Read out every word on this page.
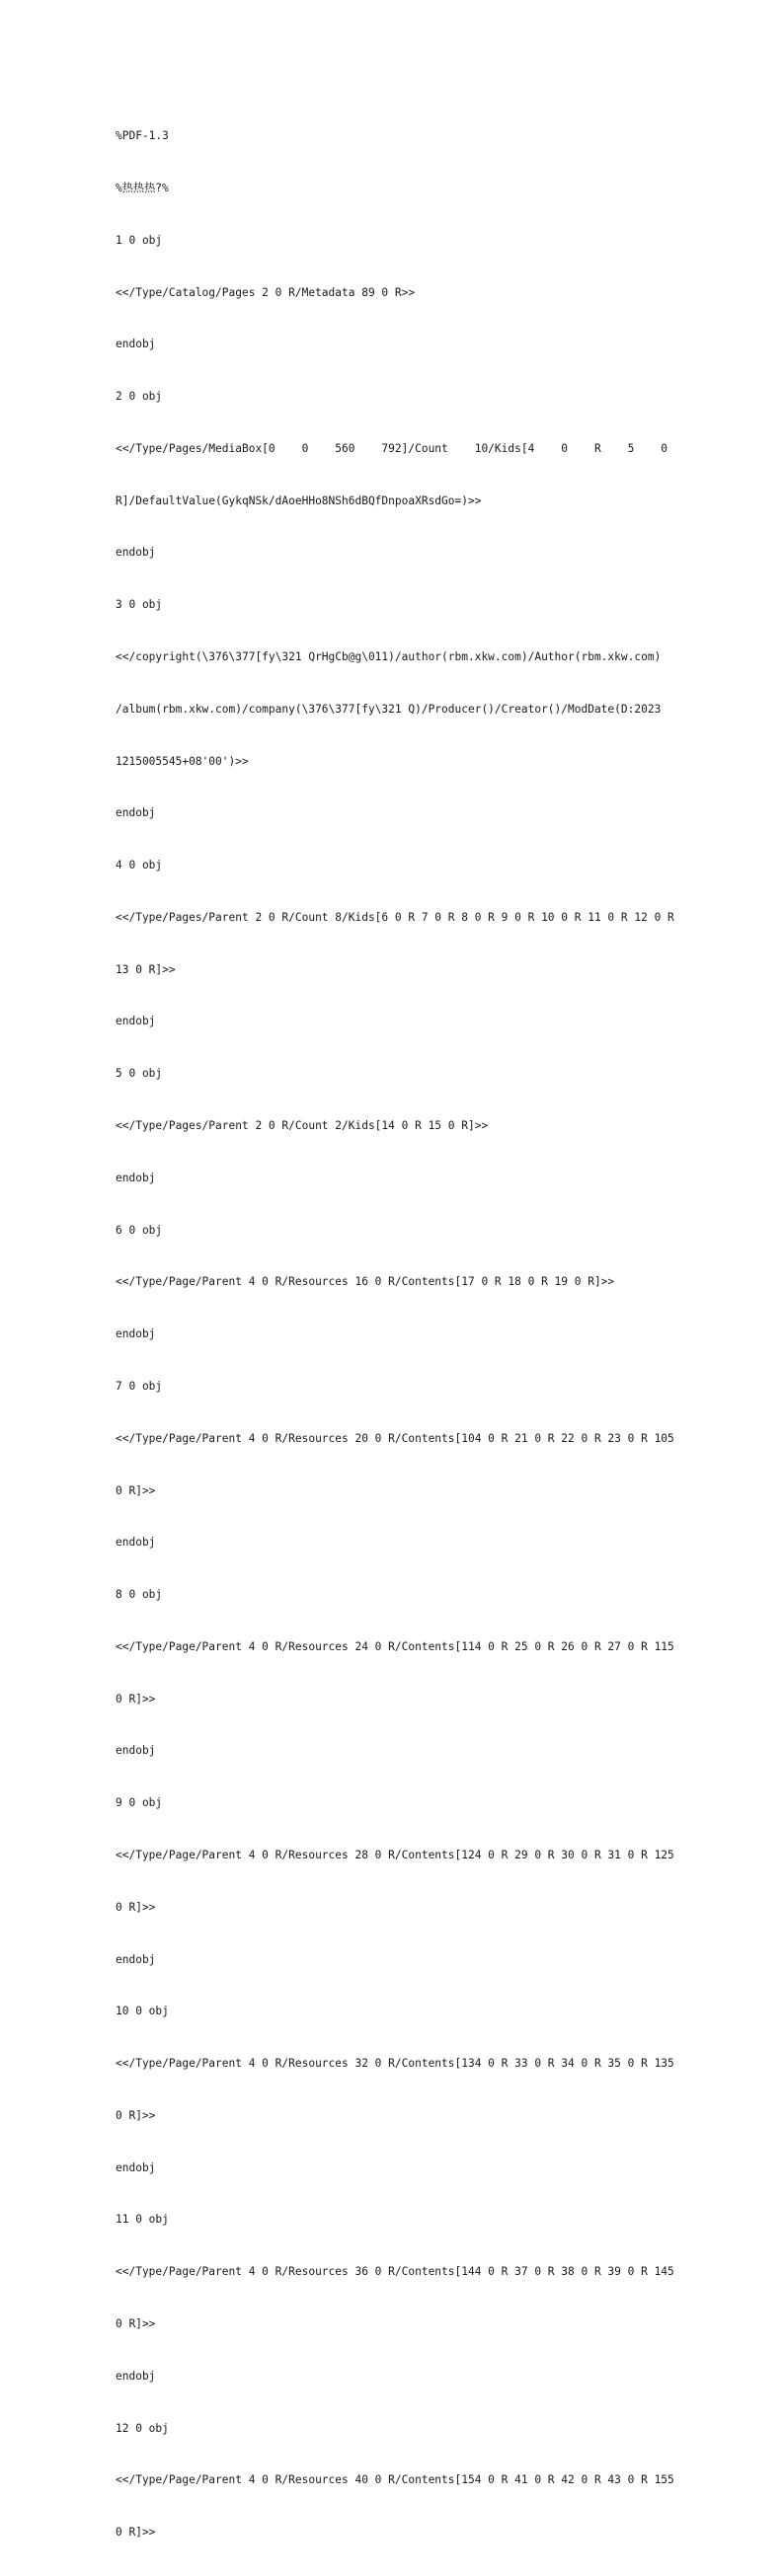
%PDF-1.3

%热热热?%

1 0 obj

<</Type/Catalog/Pages 2 0 R/Metadata 89 0 R>>

endobj

2 0 obj

<</Type/Pages/MediaBox[0    0    560    792]/Count    10/Kids[4    0    R    5    0

R]/DefaultValue(GykqNSk/dAoeHHo8NSh6dBQfDnpoaXRsdGo=)>>

endobj

3 0 obj

<</copyright(\376\377[fy\321 QrHgCb@g\011)/author(rbm.xkw.com)/Author(rbm.xkw.com)

/album(rbm.xkw.com)/company(\376\377[fy\321 Q)/Producer()/Creator()/ModDate(D:2023

1215005545+08'00')>>

endobj

4 0 obj

<</Type/Pages/Parent 2 0 R/Count 8/Kids[6 0 R 7 0 R 8 0 R 9 0 R 10 0 R 11 0 R 12 0 R

13 0 R]>>

endobj

5 0 obj

<</Type/Pages/Parent 2 0 R/Count 2/Kids[14 0 R 15 0 R]>>

endobj

6 0 obj

<</Type/Page/Parent 4 0 R/Resources 16 0 R/Contents[17 0 R 18 0 R 19 0 R]>>

endobj

7 0 obj

<</Type/Page/Parent 4 0 R/Resources 20 0 R/Contents[104 0 R 21 0 R 22 0 R 23 0 R 105

0 R]>>

endobj

8 0 obj

<</Type/Page/Parent 4 0 R/Resources 24 0 R/Contents[114 0 R 25 0 R 26 0 R 27 0 R 115

0 R]>>

endobj

9 0 obj

<</Type/Page/Parent 4 0 R/Resources 28 0 R/Contents[124 0 R 29 0 R 30 0 R 31 0 R 125

0 R]>>

endobj

10 0 obj

<</Type/Page/Parent 4 0 R/Resources 32 0 R/Contents[134 0 R 33 0 R 34 0 R 35 0 R 135

0 R]>>

endobj

11 0 obj

<</Type/Page/Parent 4 0 R/Resources 36 0 R/Contents[144 0 R 37 0 R 38 0 R 39 0 R 145

0 R]>>

endobj

12 0 obj

<</Type/Page/Parent 4 0 R/Resources 40 0 R/Contents[154 0 R 41 0 R 42 0 R 43 0 R 155

0 R]>>
